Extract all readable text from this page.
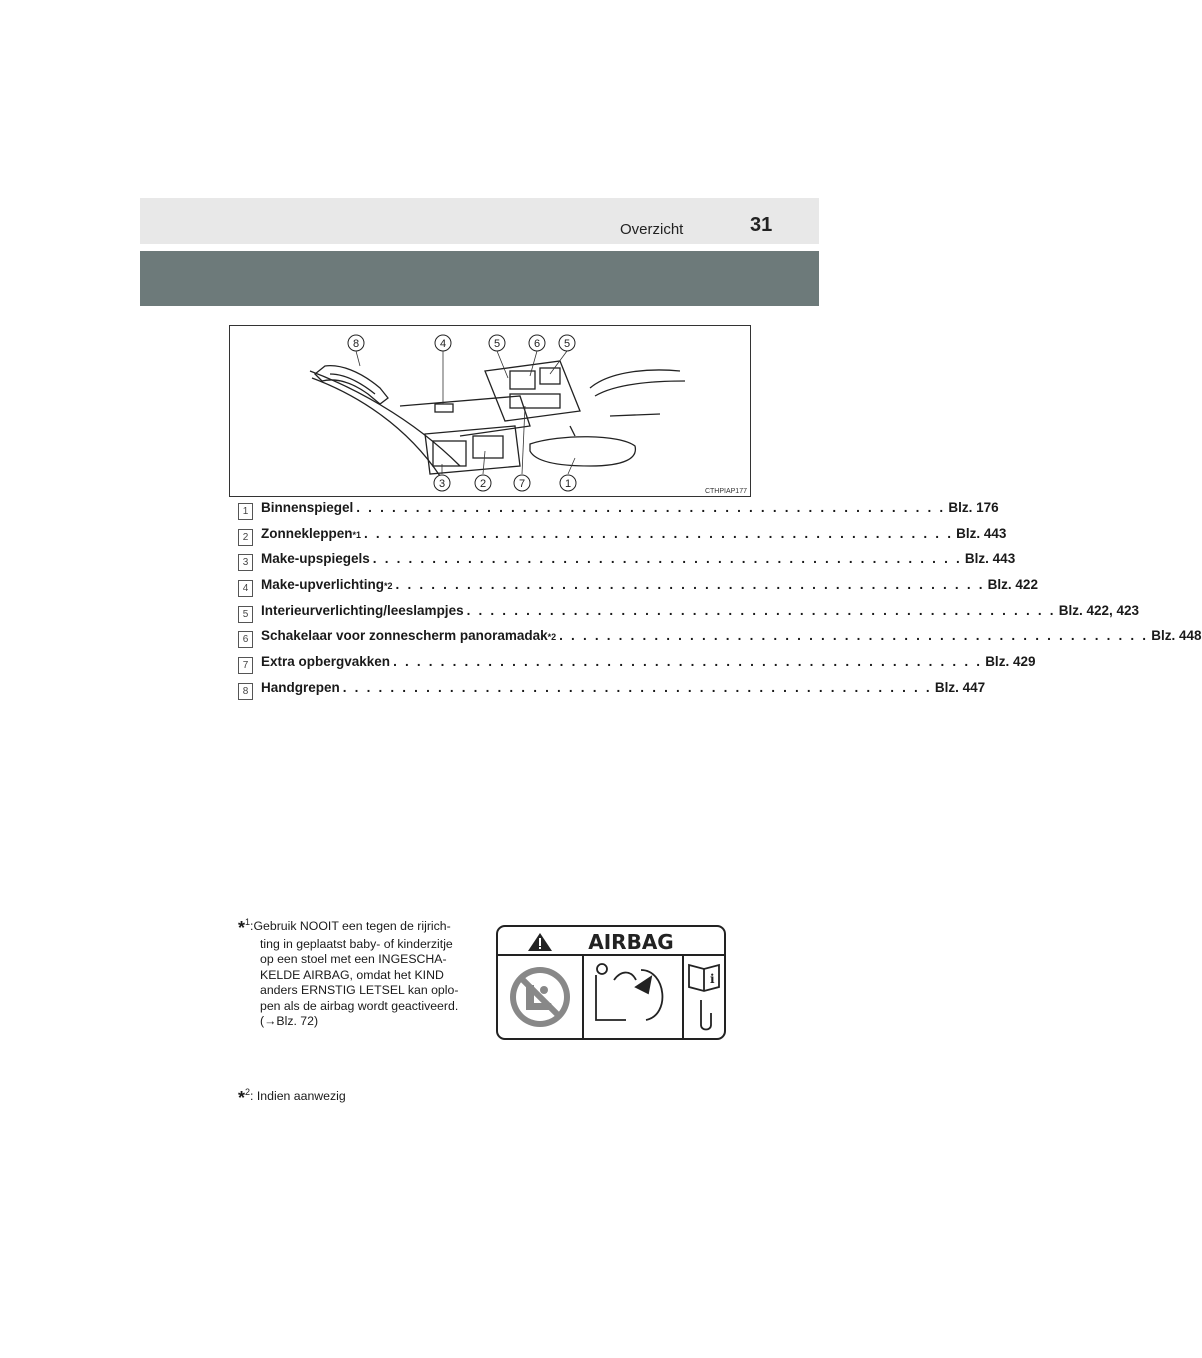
Overzicht	31
8	4	5	6 5
3	2	7	1
CTHPIAP177
1 Binnenspiegel . . . . . . . . . . . . . . . . . . . . . . . . . . . . . . . . . . . . . . . . . . . . . . . . . . Blz. 176
2 Zonnekleppen *1 . . . . . . . . . . . . . . . . . . . . . . . . . . . . . . . . . . . . . . . . . . . . . . . . . . Blz. 443
3 Make-upspiegels . . . . . . . . . . . . . . . . . . . . . . . . . . . . . . . . . . . . . . . . . . . . . . . . . . Blz. 443
4 Make-upverlichting *2 . . . . . . . . . . . . . . . . . . . . . . . . . . . . . . . . . . . . . . . . . . . . . . . . . . Blz. 422
5 Interieurverlichting/leeslampjes . . . . . . . . . . . . . . . . . . . . . . . . . . . . . . . . . . . . . . . . . . . . . . . . . . Blz. 422, 423
6 Schakelaar voor zonnescherm panoramadak *2 . . . . . . . . . . . . . . . . . . . . . . . . . . . . . . . . . . . . . . . . . . . . . . . . . . Blz. 448
7 Extra opbergvakken . . . . . . . . . . . . . . . . . . . . . . . . . . . . . . . . . . . . . . . . . . . . . . . . . . Blz. 429
8 Handgrepen . . . . . . . . . . . . . . . . . . . . . . . . . . . . . . . . . . . . . . . . . . . . . . . . . . Blz. 447
*$^1$:Gebruik NOOIT een tegen de rijrich-
ting in geplaatst baby- of kinderzitje
op een stoel met een INGESCHA-
KELDE AIRBAG, omdat het KIND
anders ERNSTIG LETSEL kan oplo-
pen als de airbag wordt geactiveerd.
(→Blz. 72)
AIRBAG
i
*$^2$: Indien aanwezig
